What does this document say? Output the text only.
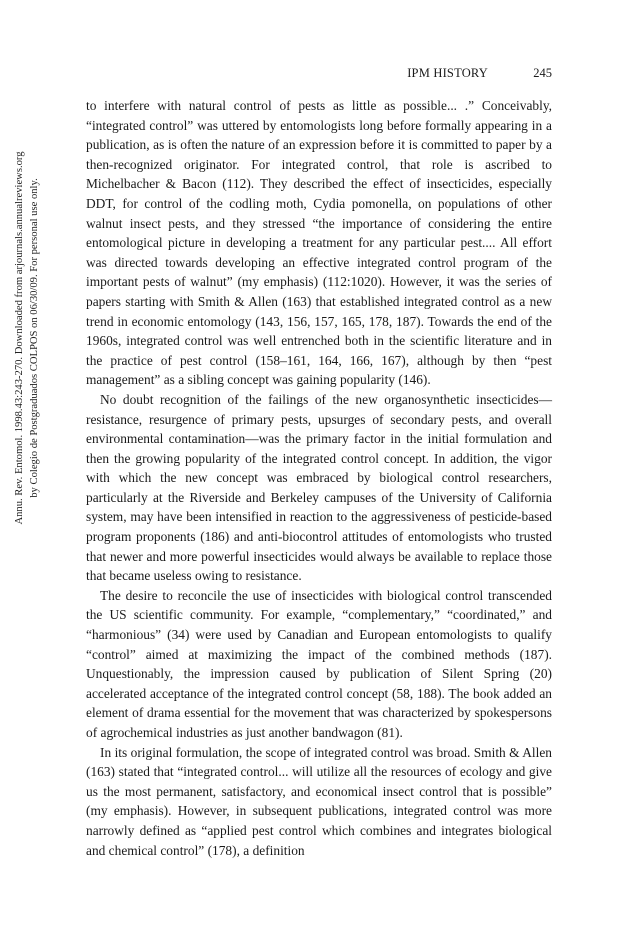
IPM HISTORY	245
Annu. Rev. Entomol. 1998.43:243-270. Downloaded from arjournals.annualreviews.org by Colegio de Postgraduados COLPOS on 06/30/09. For personal use only.

to interfere with natural control of pests as little as possible... .” Conceivably, “integrated control” was uttered by entomologists long before formally appearing in a publication, as is often the nature of an expression before it is committed to paper by a then-recognized originator. For integrated control, that role is ascribed to Michelbacher & Bacon (112). They described the effect of insecticides, especially DDT, for control of the codling moth, Cydia pomonella, on populations of other walnut insect pests, and they stressed “the importance of considering the entire entomological picture in developing a treatment for any particular pest.... All effort was directed towards developing an effective integrated control program of the important pests of walnut” (my emphasis) (112:1020). However, it was the series of papers starting with Smith & Allen (163) that established integrated control as a new trend in economic entomology (143, 156, 157, 165, 178, 187). Towards the end of the 1960s, integrated control was well entrenched both in the scientific literature and in the practice of pest control (158–161, 164, 166, 167), although by then “pest management” as a sibling concept was gaining popularity (146).

No doubt recognition of the failings of the new organosynthetic insecticides—resistance, resurgence of primary pests, upsurges of secondary pests, and overall environmental contamination—was the primary factor in the initial formulation and then the growing popularity of the integrated control concept. In addition, the vigor with which the new concept was embraced by biological control researchers, particularly at the Riverside and Berkeley campuses of the University of California system, may have been intensified in reaction to the aggressiveness of pesticide-based program proponents (186) and anti-biocontrol attitudes of entomologists who trusted that newer and more powerful insecticides would always be available to replace those that became useless owing to resistance.

The desire to reconcile the use of insecticides with biological control transcended the US scientific community. For example, “complementary,” “coordinated,” and “harmonious” (34) were used by Canadian and European entomologists to qualify “control” aimed at maximizing the impact of the combined methods (187). Unquestionably, the impression caused by publication of Silent Spring (20) accelerated acceptance of the integrated control concept (58, 188). The book added an element of drama essential for the movement that was characterized by spokespersons of agrochemical industries as just another bandwagon (81).

In its original formulation, the scope of integrated control was broad. Smith & Allen (163) stated that “integrated control... will utilize all the resources of ecology and give us the most permanent, satisfactory, and economical insect control that is possible” (my emphasis). However, in subsequent publications, integrated control was more narrowly defined as “applied pest control which combines and integrates biological and chemical control” (178), a definition
